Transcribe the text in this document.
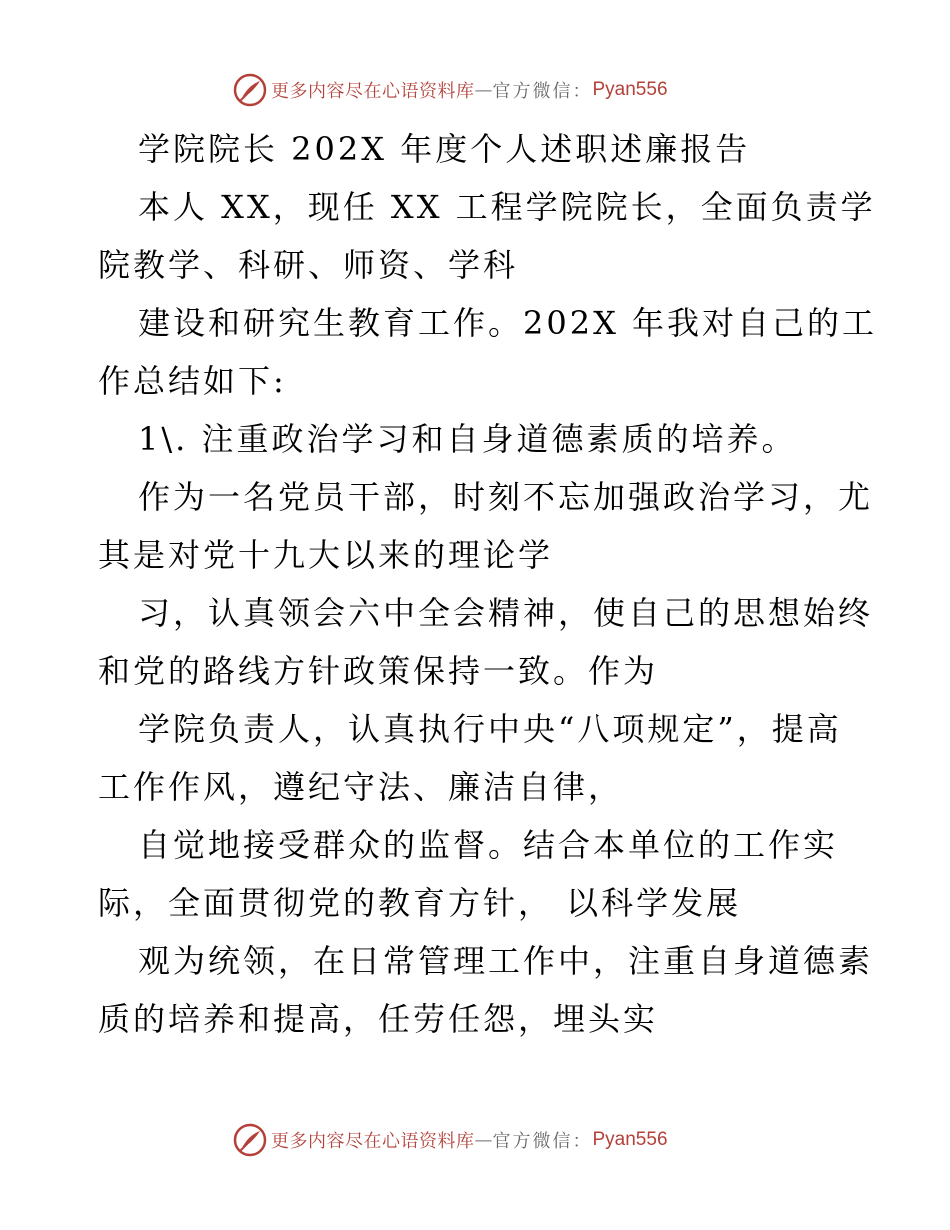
更多内容尽在心语资料库 — 官方微信： Pyan556
学院院长 202X 年度个人述职述廉报告
本人 XX，现任 XX 工程学院院长，全面负责学
院教学、科研、师资、学科
建设和研究生教育工作。202X 年我对自己的工
作总结如下:
1\. 注重政治学习和自身道德素质的培养。
作为一名党员干部，时刻不忘加强政治学习，尤
其是对党十九大以来的理论学
习，认真领会六中全会精神，使自己的思想始终
和党的路线方针政策保持一致。作为
学院负责人，认真执行中央“八项规定”，提高
工作作风，遵纪守法、廉洁自律，
自觉地接受群众的监督。结合本单位的工作实
际，全面贯彻党的教育方针， 以科学发展
观为统领，在日常管理工作中，注重自身道德素
质的培养和提高，任劳任怨，埋头实
更多内容尽在心语资料库 — 官方微信： Pyan556
